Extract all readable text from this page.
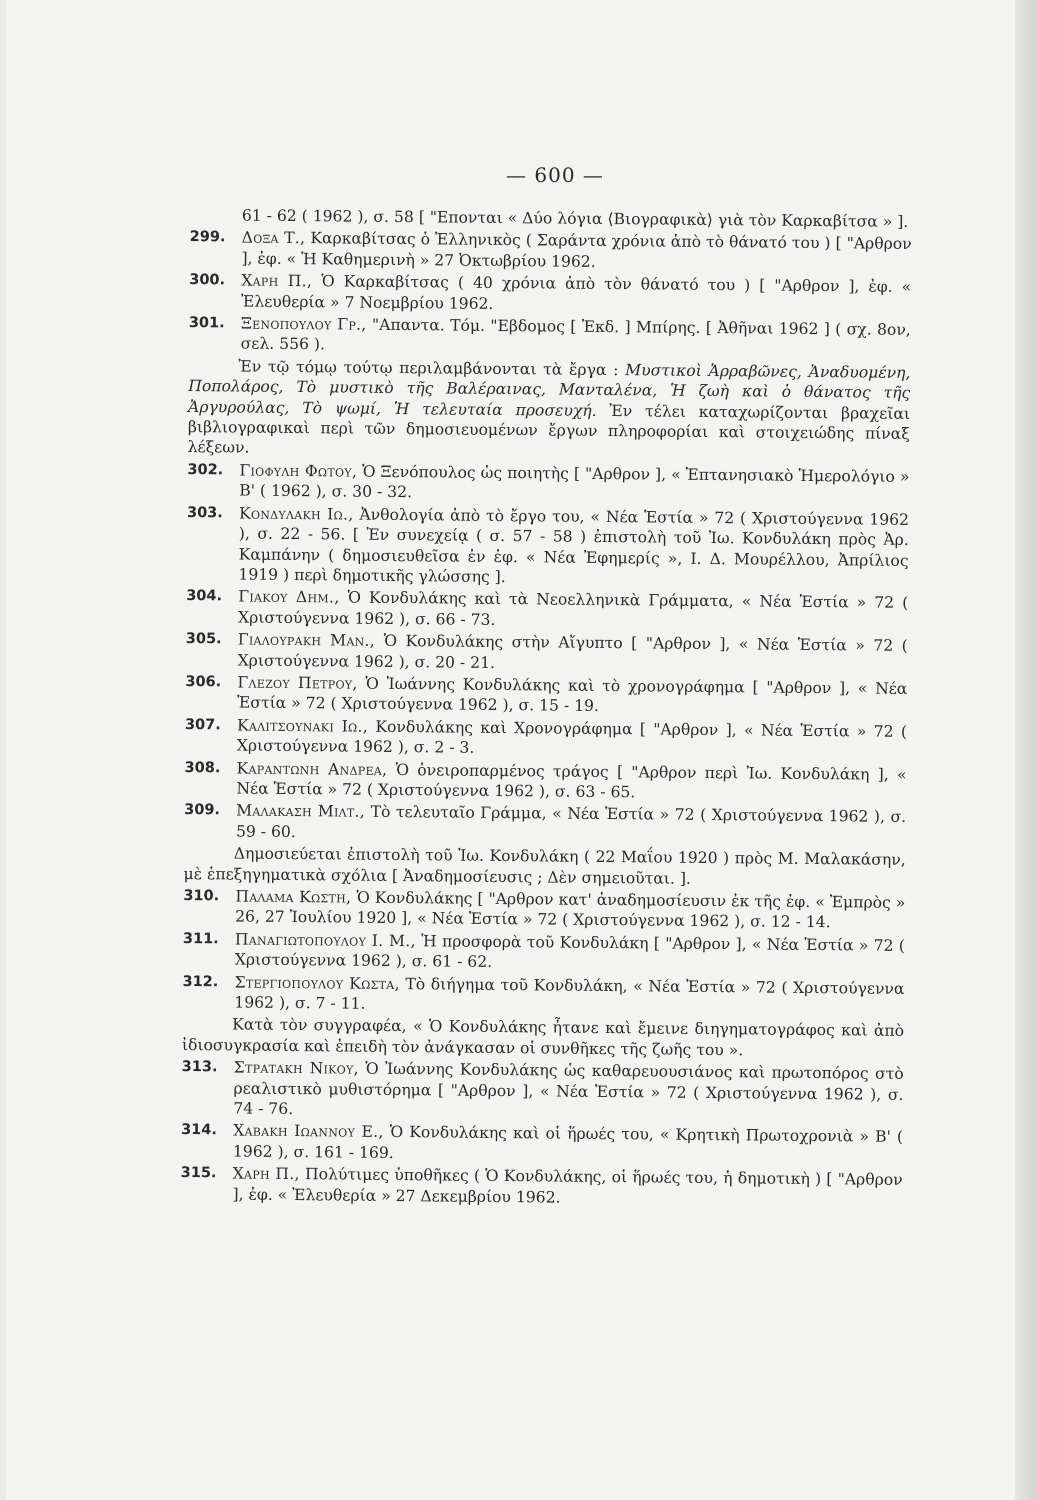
— 600 —

61 - 62 ( 1962 ), σ. 58 [ "Επονται « Δύο λόγια ⟨Βιογραφικὰ⟩ γιὰ τὸν Καρκαβίτσα » ].

299. Δοξα Τ., Καρκαβίτσας ὁ Ἑλληνικὸς ( Σαράντα χρόνια ἀπὸ τὸ θάνατό του ) [ "Αρθρον ], ἐφ. « Ἡ Καθημερινὴ » 27 Ὀκτωβρίου 1962.

300. Χαρη Π., Ὁ Καρκαβίτσας ( 40 χρόνια ἀπὸ τὸν θάνατό του ) [ "Αρθρον ], ἐφ. « Ἐλευθερία » 7 Νοεμβρίου 1962.

301. Ξενοπουλου Γρ., "Απαντα. Τόμ. "Εβδομος [ Ἐκδ. ] Μπίρης. [ Ἀθῆναι 1962 ] ( σχ. 8ον, σελ. 556 ).

Ἐν τῷ τόμῳ τούτῳ περιλαμβάνονται τὰ ἔργα : Μυστικοὶ Ἀρραβῶνες, Ἀναδυομένη, Ποπολάρος, Τὸ μυστικὸ τῆς Βαλέραινας, Μανταλένα, Ἡ ζωὴ καὶ ὁ θάνατος τῆς Ἀργυρούλας, Τὸ ψωμί, Ἡ τελευταία προσευχή. Ἐν τέλει καταχωρίζονται βραχεῖαι βιβλιογραφικαὶ περὶ τῶν δημοσιευομένων ἔργων πληροφορίαι καὶ στοιχειώδης πίναξ λέξεων.

302. Γιοφυλη Φωτου, Ὁ Ξενόπουλος ὡς ποιητὴς [ "Αρθρον ], « Ἑπτανησιακὸ Ἡμερολόγιο » Β' ( 1962 ), σ. 30 - 32.

303. Κονδυλακη Ιω., Ἀνθολογία ἀπὸ τὸ ἔργο του, « Νέα Ἑστία » 72 ( Χριστούγεννα 1962 ), σ. 22 - 56. [ Ἐν συνεχείᾳ ( σ. 57 - 58 ) ἐπιστολὴ τοῦ Ἰω. Κονδυλάκη πρὸς Ἀρ. Καμπάνην ( δημοσιευθεῖσα ἐν ἐφ. « Νέα Ἐφημερίς », Ι. Δ. Μουρέλλου, Ἀπρίλιος 1919 ) περὶ δημοτικῆς γλώσσης ].

304. Γιακου Δημ., Ὁ Κονδυλάκης καὶ τὰ Νεοελληνικὰ Γράμματα, « Νέα Ἑστία » 72 ( Χριστούγεννα 1962 ), σ. 66 - 73.

305. Γιαλουρακη Μαν., Ὁ Κονδυλάκης στὴν Αἴγυπτο [ "Αρθρον ], « Νέα Ἑστία » 72 ( Χριστούγεννα 1962 ), σ. 20 - 21.

306. Γλεζου Πετρου, Ὁ Ἰωάννης Κονδυλάκης καὶ τὸ χρονογράφημα [ "Αρθρον ], « Νέα Ἑστία » 72 ( Χριστούγεννα 1962 ), σ. 15 - 19.

307. Καλιτσουνακι Ιω., Κονδυλάκης καὶ Χρονογράφημα [ "Αρθρον ], « Νέα Ἑστία » 72 ( Χριστούγεννα 1962 ), σ. 2 - 3.

308. Καραντωνη Ανδρεα, Ὁ ὀνειροπαρμένος τράγος [ "Αρθρον περὶ Ἰω. Κονδυλάκη ], « Νέα Ἑστία » 72 ( Χριστούγεννα 1962 ), σ. 63 - 65.

309. Μαλακαση Μιλτ., Τὸ τελευταῖο Γράμμα, « Νέα Ἑστία » 72 ( Χριστούγεννα 1962 ), σ. 59 - 60.

Δημοσιεύεται ἐπιστολὴ τοῦ Ἰω. Κονδυλάκη ( 22 Μαΐου 1920 ) πρὸς Μ. Μαλακάσην, μὲ ἐπεξηγηματικὰ σχόλια [ Ἀναδημοσίευσις ; Δὲν σημειοῦται. ].

310. Παλαμα Κωστη, Ὁ Κονδυλάκης [ "Αρθρον κατ' ἀναδημοσίευσιν ἐκ τῆς ἐφ. « Ἐμπρὸς » 26, 27 Ἰουλίου 1920 ], « Νέα Ἑστία » 72 ( Χριστούγεννα 1962 ), σ. 12 - 14.

311. Παναγιωτοπουλου Ι. Μ., Ἡ προσφορὰ τοῦ Κονδυλάκη [ "Αρθρον ], « Νέα Ἑστία » 72 ( Χριστούγεννα 1962 ), σ. 61 - 62.

312. Στεργιοπουλου Κωστα, Τὸ διήγημα τοῦ Κονδυλάκη, « Νέα Ἑστία » 72 ( Χριστούγεννα 1962 ), σ. 7 - 11.

Κατὰ τὸν συγγραφέα, « Ὁ Κονδυλάκης ἦτανε καὶ ἔμεινε διηγηματογράφος καὶ ἀπὸ ἰδιοσυγκρασία καὶ ἐπειδὴ τὸν ἀνάγκασαν οἱ συνθῆκες τῆς ζωῆς του ».

313. Στρατακη Νικου, Ὁ Ἰωάννης Κονδυλάκης ὡς καθαρευουσιάνος καὶ πρωτοπόρος στὸ ρεαλιστικὸ μυθιστόρημα [ "Αρθρον ], « Νέα Ἑστία » 72 ( Χριστούγεννα 1962 ), σ. 74 - 76.

314. Χαβακη Ιωαννου Ε., Ὁ Κονδυλάκης καὶ οἱ ἥρωές του, « Κρητικὴ Πρωτοχρονιὰ » Β' ( 1962 ), σ. 161 - 169.

315. Χαρη Π., Πολύτιμες ὑποθῆκες ( Ὁ Κονδυλάκης, οἱ ἥρωές του, ἡ δημοτικὴ ) [ "Αρθρον ], ἐφ. « Ἐλευθερία » 27 Δεκεμβρίου 1962.
